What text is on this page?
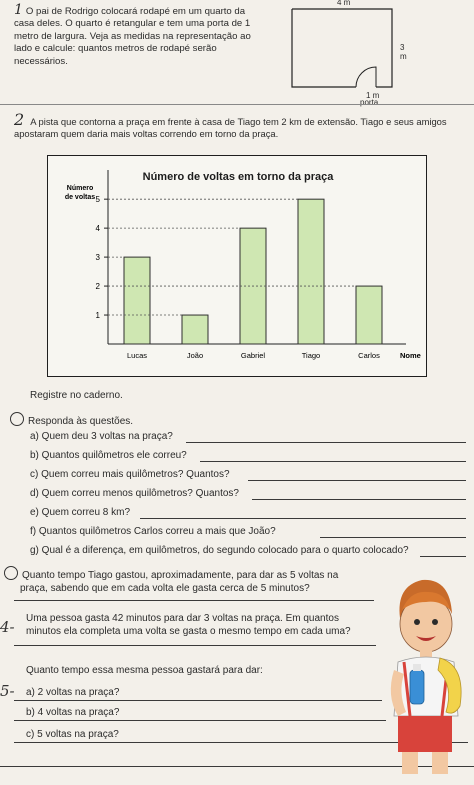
1 O pai de Rodrigo colocará rodapé em um quarto da casa deles. O quarto é retangular e tem uma porta de 1 metro de largura. Veja as medidas na representação ao lado e calcule: quantos metros de rodapé serão necessários.
4 m
3 m
1 m
porta
2 A pista que contorna a praça em frente à casa de Tiago tem 2 km de extensão. Tiago e seus amigos apostaram quem daria mais voltas correndo em torno da praça.
Número de voltas em torno da praça
Número
de voltas
1
2
3
4
5
Lucas	João	Gabriel	Tiago	Carlos	Nome
Registre no caderno.
Responda às questões.
a) Quem deu 3 voltas na praça?
b) Quantos quilômetros ele correu?
c) Quem correu mais quilômetros? Quantos?
d) Quem correu menos quilômetros? Quantos?
e) Quem correu 8 km?
f) Quantos quilômetros Carlos correu a mais que João?
g) Qual é a diferença, em quilômetros, do segundo colocado para o quarto colocado?
Quanto tempo Tiago gastou, aproximadamente, para dar as 5 voltas na
praça, sabendo que em cada volta ele gasta cerca de 5 minutos?
4- Uma pessoa gasta 42 minutos para dar 3 voltas na praça. Em quantos
minutos ela completa uma volta se gasta o mesmo tempo em cada uma?
Quanto tempo essa mesma pessoa gastará para dar:
5- a) 2 voltas na praça?
b) 4 voltas na praça?
c) 5 voltas na praça?
